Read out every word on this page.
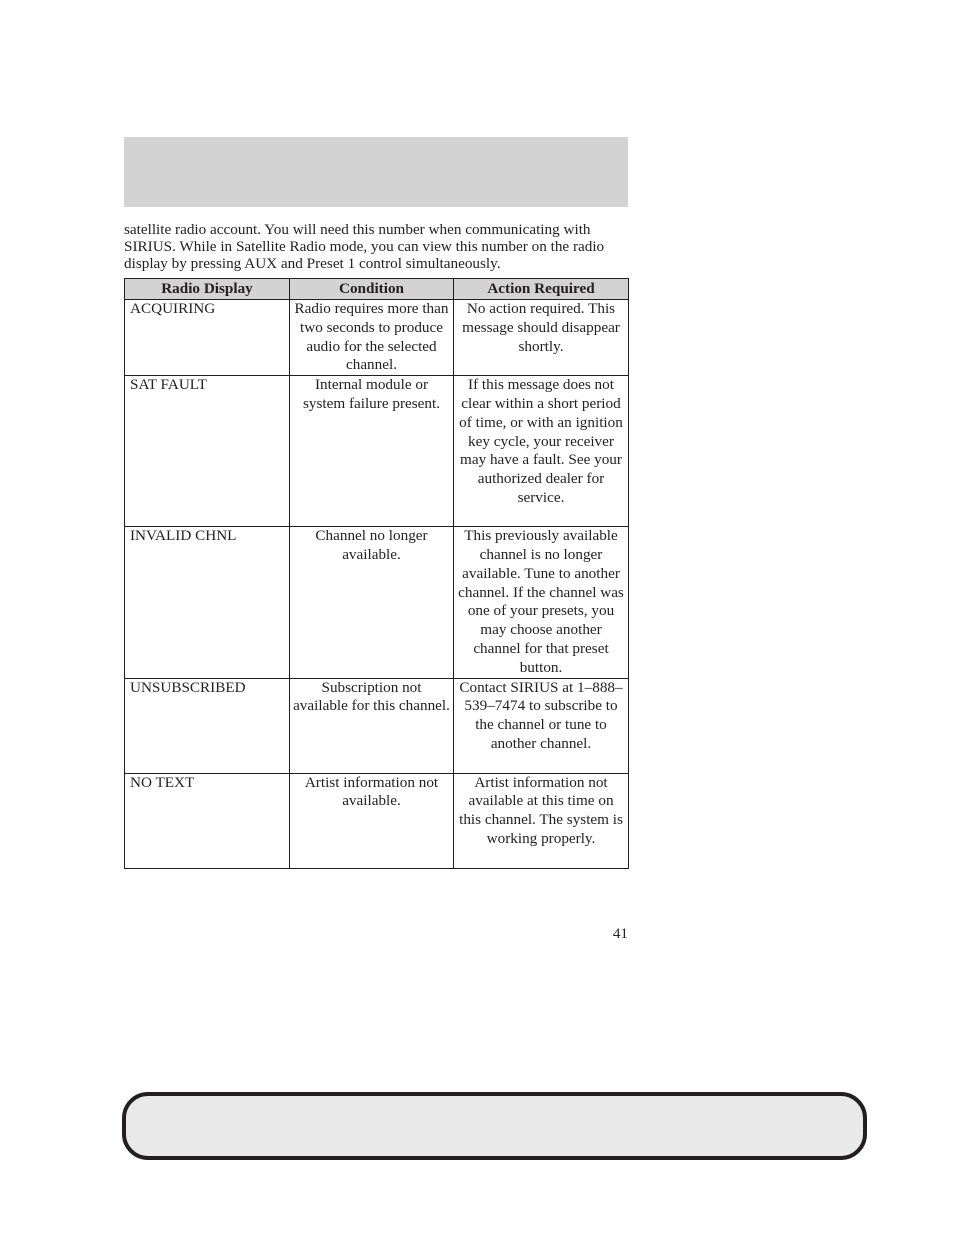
satellite radio account. You will need this number when communicating with SIRIUS. While in Satellite Radio mode, you can view this number on the radio display by pressing AUX and Preset 1 control simultaneously.

Radio Display	Condition	Action Required
ACQUIRING	Radio requires more than two seconds to produce audio for the selected channel.	No action required. This message should disappear shortly.
SAT FAULT	Internal module or system failure present.	If this message does not clear within a short period of time, or with an ignition key cycle, your receiver may have a fault. See your authorized dealer for service.
INVALID CHNL	Channel no longer available.	This previously available channel is no longer available. Tune to another channel. If the channel was one of your presets, you may choose another channel for that preset button.
UNSUBSCRIBED	Subscription not available for this channel.	Contact SIRIUS at 1–888–539–7474 to subscribe to the channel or tune to another channel.
NO TEXT	Artist information not available.	Artist information not available at this time on this channel. The system is working properly.
41
